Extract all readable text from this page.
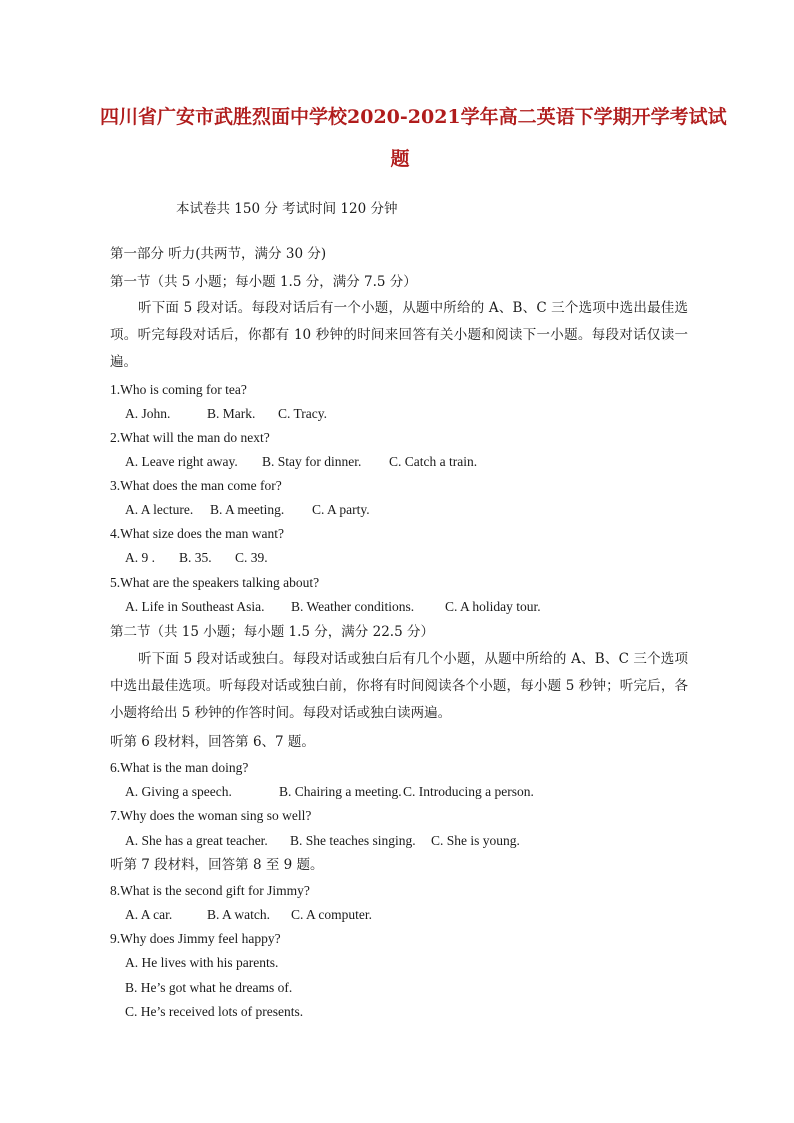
四川省广安市武胜烈面中学校2020-2021学年高二英语下学期开学考试试
题
本试卷共 150 分 考试时间 120 分钟
第一部分 听力(共两节，满分 30 分)
第一节（共 5 小题；每小题 1.5 分，满分 7.5 分）
听下面 5 段对话。每段对话后有一个小题，从题中所给的 A、B、C 三个选项中选出最佳选项。听完每段对话后，你都有 10 秒钟的时间来回答有关小题和阅读下一小题。每段对话仅读一遍。
1.Who is coming for tea?
A. John.	B. Mark. C. Tracy.
2.What will the man do next?
A. Leave right away. B. Stay for dinner. C. Catch a train.
3.What does the man come for?
A. A lecture. B. A meeting. C. A party.
4.What size does the man want?
A. 9 . B. 35. C. 39.
5.What are the speakers talking about?
A. Life in Southeast Asia. B. Weather conditions. C. A holiday tour.
第二节（共 15 小题；每小题 1.5 分，满分 22.5 分）
听下面 5 段对话或独白。每段对话或独白后有几个小题，从题中所给的 A、B、C 三个选项中选出最佳选项。听每段对话或独白前，你将有时间阅读各个小题，每小题 5 秒钟；听完后，各小题将给出 5 秒钟的作答时间。每段对话或独白读两遍。
听第 6 段材料，回答第 6、7 题。
6.What is the man doing?
A. Giving a speech.	B. Chairing a meeting.C. Introducing a person.
7.Why does the woman sing so well?
A. She has a great teacher. B. She teaches singing. C. She is young.
听第 7 段材料，回答第 8 至 9 题。
8.What is the second gift for Jimmy?
A. A car.	B. A watch. C. A computer.
9.Why does Jimmy feel happy?
A. He lives with his parents.
B. He’s got what he dreams of.
C. He’s received lots of presents.
